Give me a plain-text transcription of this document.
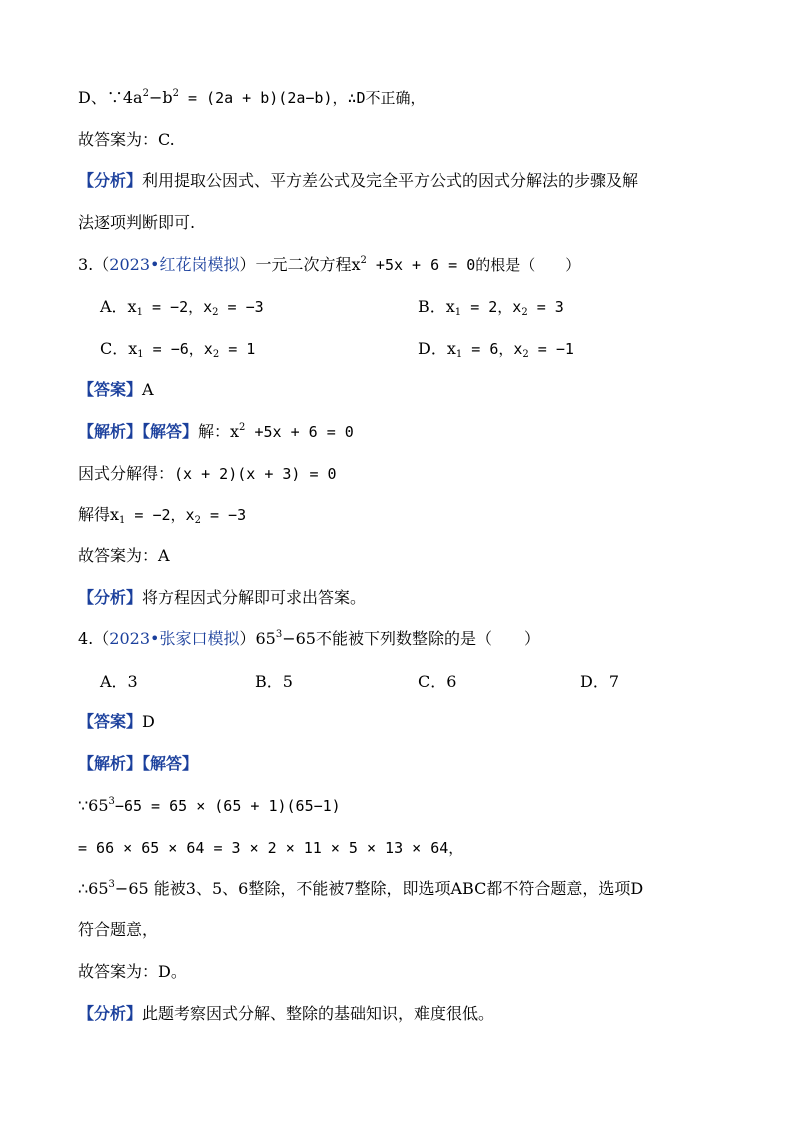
D、$\because 4a^2-b^2 = (2a + b)(2a-b)$，∴D不正确，
故答案为：C.
【分析】利用提取公因式、平方差公式及完全平方公式的因式分解法的步骤及解
法逐项判断即可.
3.（2023•红花岗模拟）一元二次方程$x^2 +5x + 6 = 0$的根是（　　）
A．$x_1 = -2$，$x_2 = -3$	B．$x_1 = 2$，$x_2 = 3$
C．$x_1 = -6$，$x_2 = 1$	D．$x_1 = 6$，$x_2 = -1$
【答案】A
【解析】【解答】解：$x^2 +5x + 6 = 0$
因式分解得：(x + 2)(x + 3) = 0
解得$x_1 = -2$，$x_2 = -3$
故答案为：A
【分析】将方程因式分解即可求出答案。
4.（2023•张家口模拟）$65^3-65$不能被下列数整除的是（　　）
A．3	B．5	C．6	D．7
【答案】D
【解析】【解答】
$\because 65^3-65 = 65 \times (65 + 1)(65-1)$
= 66 × 65 × 64 = 3 × 2 × 11 × 5 × 13 × 64，
$\therefore 65^3-65$ 能被3、5、6整除，不能被7整除，即选项ABC都不符合题意，选项D
符合题意，
故答案为：D。
【分析】此题考察因式分解、整除的基础知识，难度很低。
